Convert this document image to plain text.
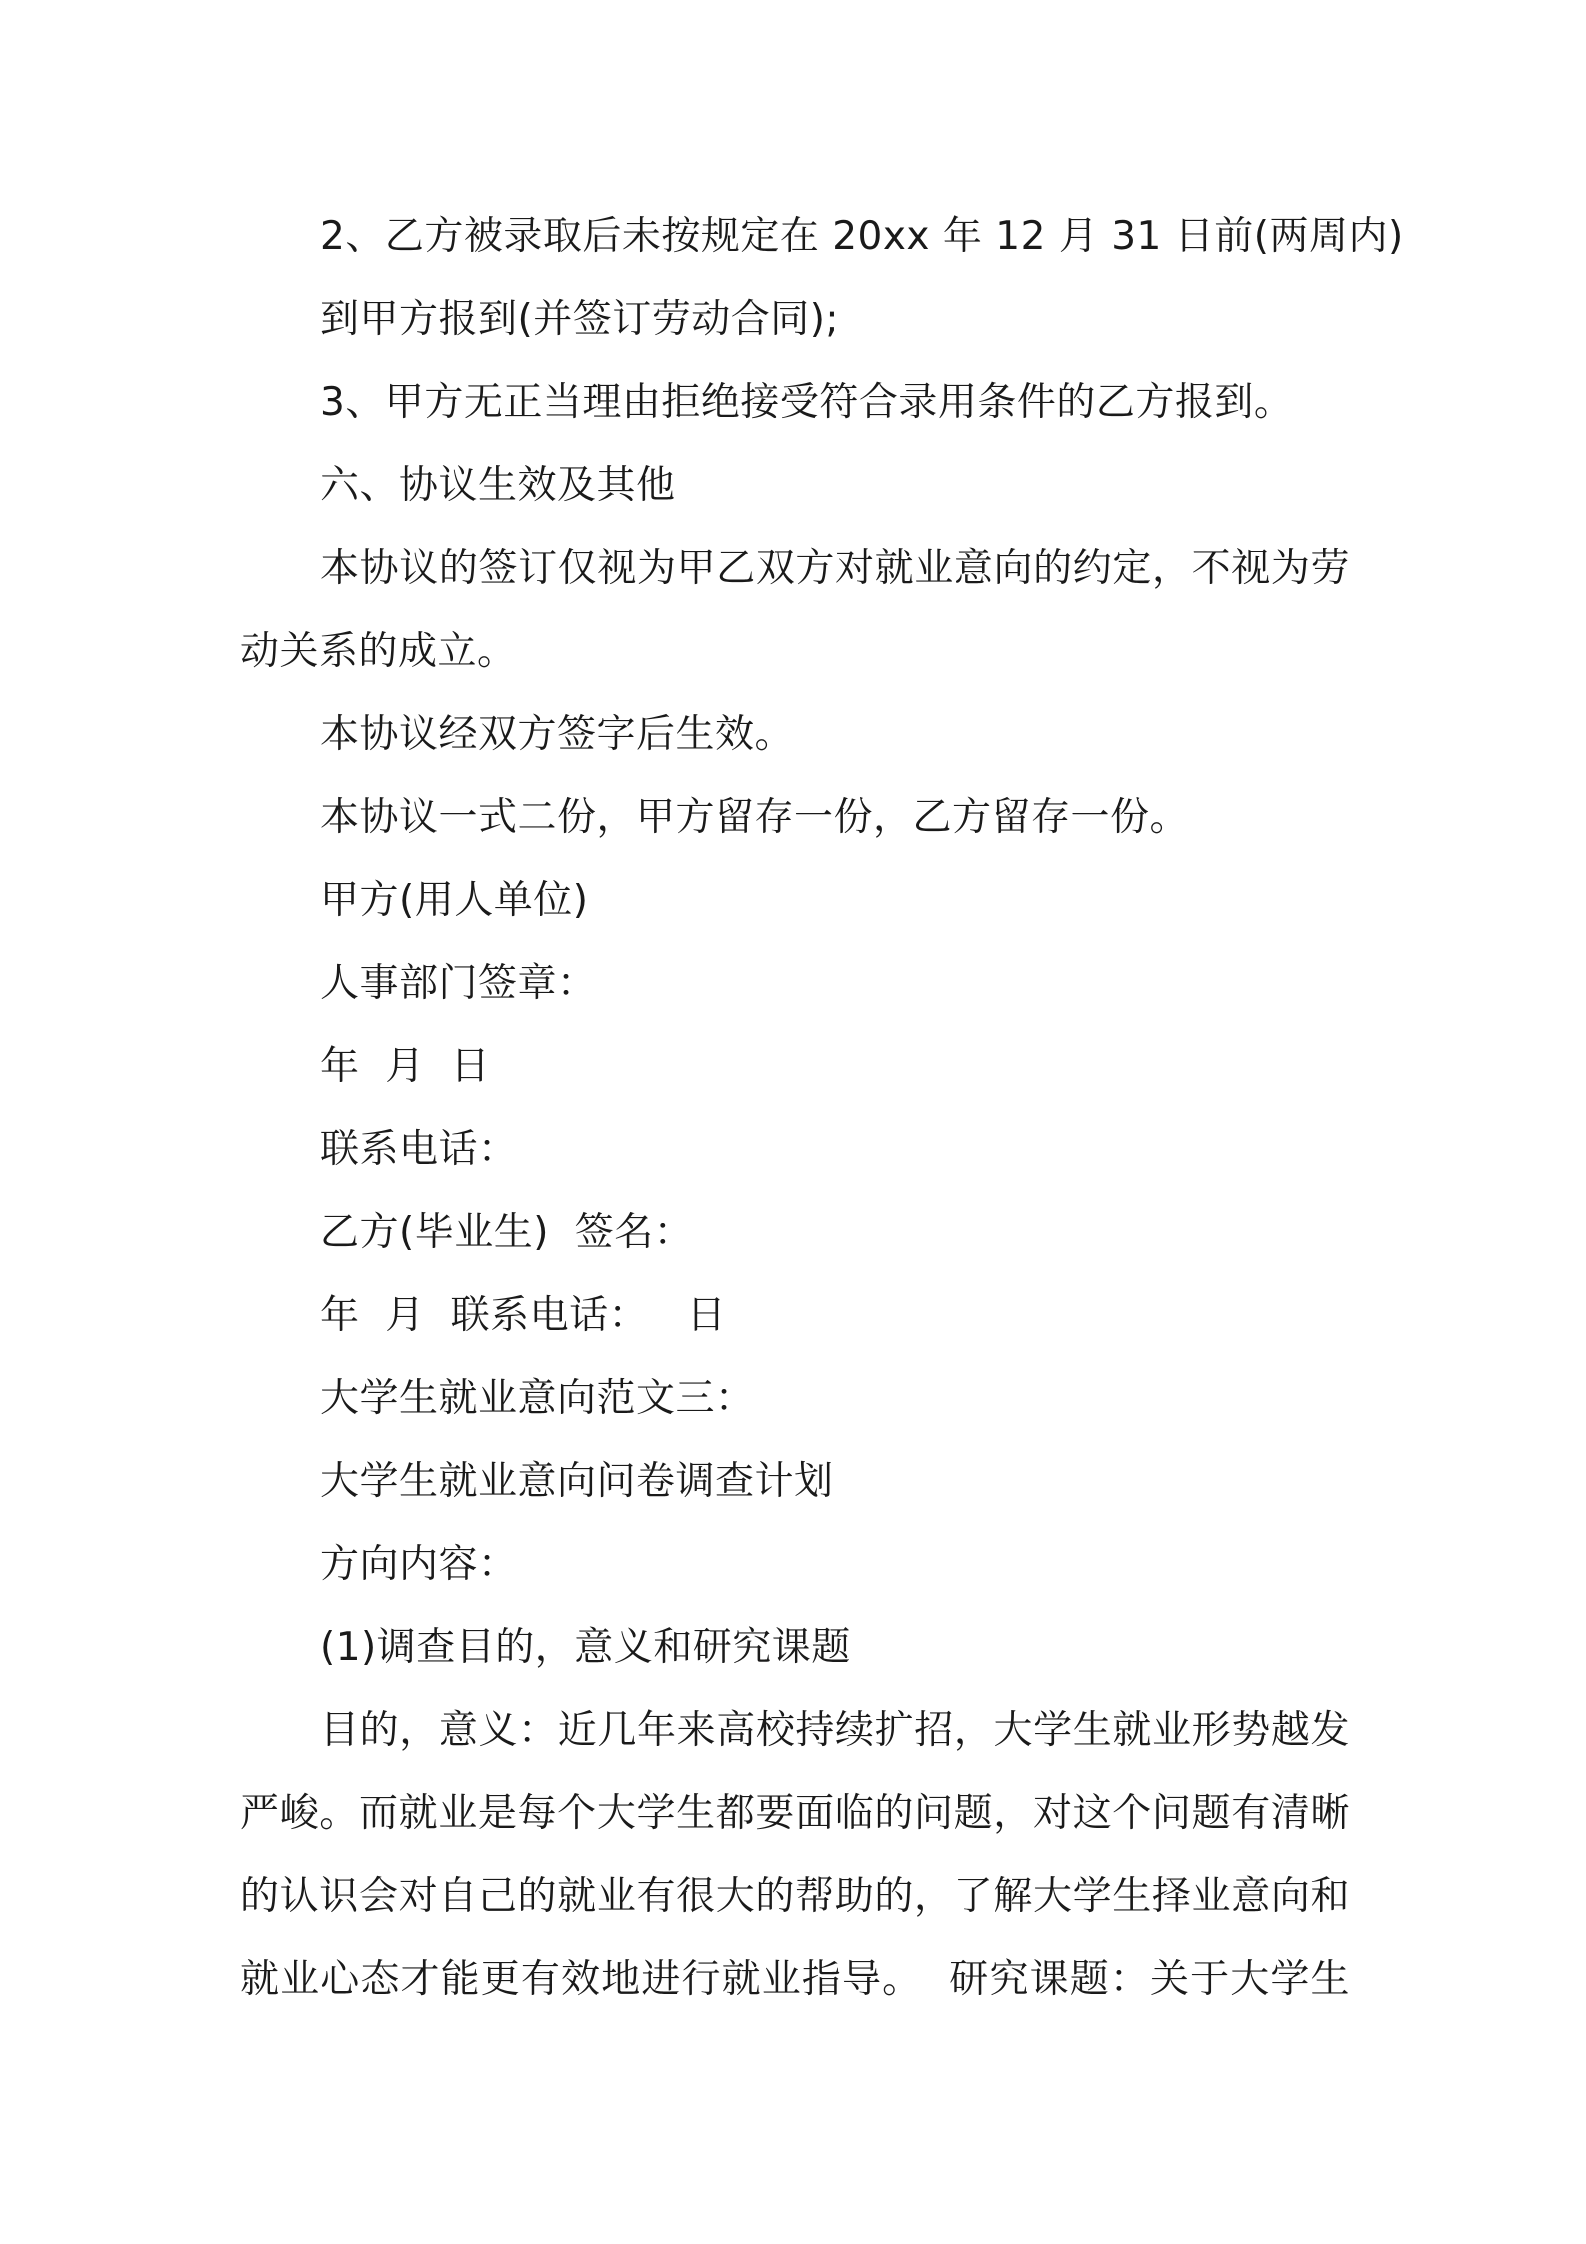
2、乙方被录取后未按规定在 20xx 年 12 月 31 日前(两周内)
到甲方报到(并签订劳动合同);
3、甲方无正当理由拒绝接受符合录用条件的乙方报到。
六、协议生效及其他
本协议的签订仅视为甲乙双方对就业意向的约定，不视为劳
动关系的成立。
本协议经双方签字后生效。
本协议一式二份，甲方留存一份，乙方留存一份。
甲方(用人单位)
人事部门签章：
年  月  日
联系电话：
乙方(毕业生)  签名：
年  月  联系电话：   日
大学生就业意向范文三：
大学生就业意向问卷调查计划
方向内容：
(1)调查目的，意义和研究课题
目的，意义：近几年来高校持续扩招，大学生就业形势越发
严峻。而就业是每个大学生都要面临的问题，对这个问题有清晰
的认识会对自己的就业有很大的帮助的，了解大学生择业意向和
就业心态才能更有效地进行就业指导。  研究课题：关于大学生
